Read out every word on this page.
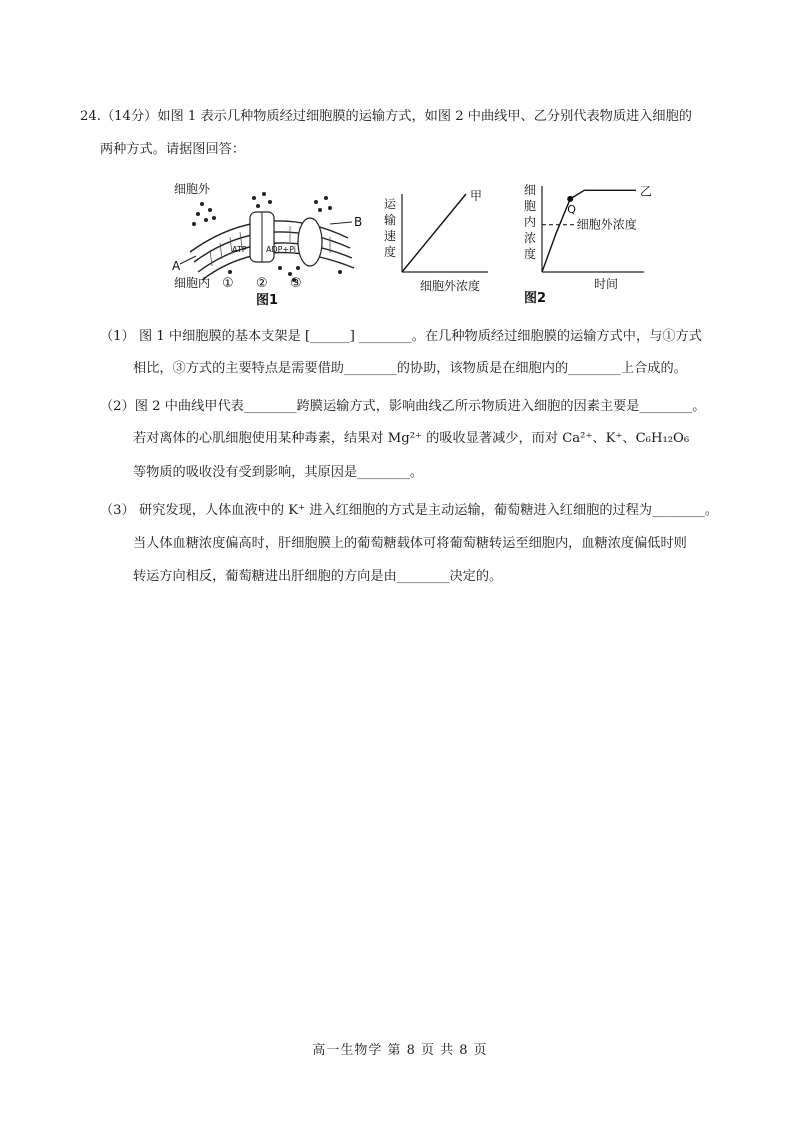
24.（14分）如图 1 表示几种物质经过细胞膜的运输方式，如图 2 中曲线甲、乙分别代表物质进入细胞的
两种方式。请据图回答：
细胞外
ATP ADP+Pi
B
A
细胞内 ① ② ③
图1
运
输
速
度
甲
细胞外浓度
细
胞
内
浓
度
细胞外浓度
Q
乙
时间
图2
（1） 图 1 中细胞膜的基本支架是 [______] ________。在几种物质经过细胞膜的运输方式中，与①方式
相比，③方式的主要特点是需要借助________的协助，该物质是在细胞内的________上合成的。
（2）图 2 中曲线甲代表________跨膜运输方式，影响曲线乙所示物质进入细胞的因素主要是________。
若对离体的心肌细胞使用某种毒素，结果对 Mg²⁺ 的吸收显著减少，而对 Ca²⁺、K⁺、C₆H₁₂O₆
等物质的吸收没有受到影响，其原因是________。
（3） 研究发现，人体血液中的 K⁺ 进入红细胞的方式是主动运输，葡萄糖进入红细胞的过程为________。
当人体血糖浓度偏高时，肝细胞膜上的葡萄糖载体可将葡萄糖转运至细胞内，血糖浓度偏低时则
转运方向相反，葡萄糖进出肝细胞的方向是由________决定的。
高一生物学 第 8 页 共 8 页
